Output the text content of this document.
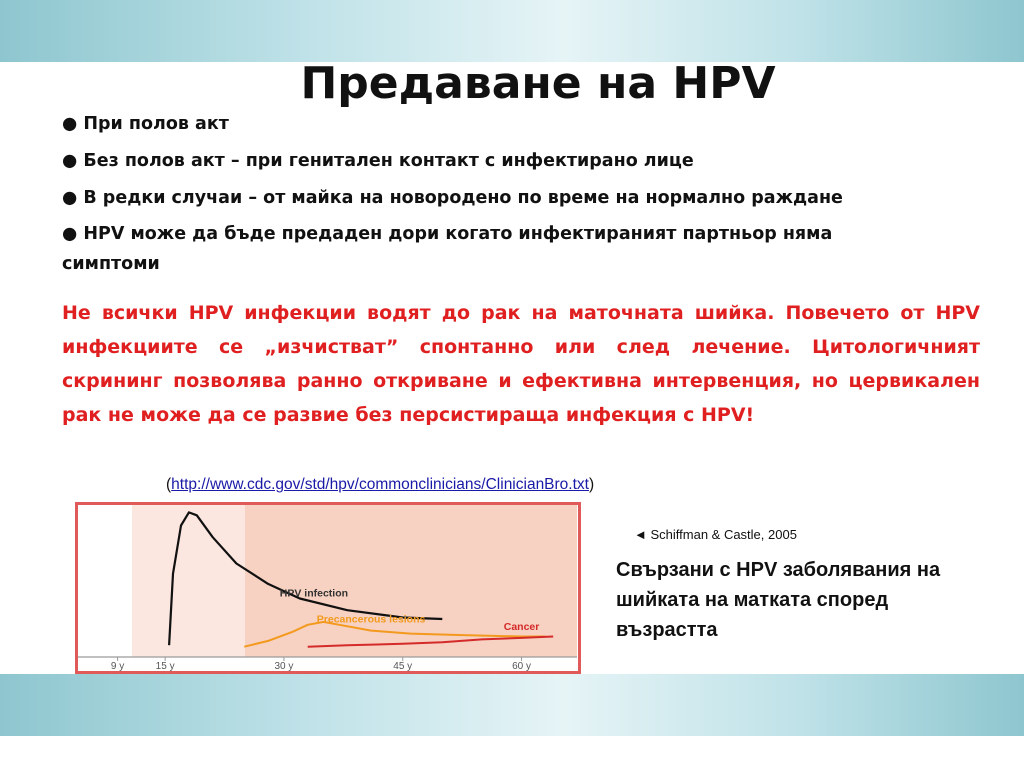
Предаване на HPV
● При полов акт
● Без полов акт – при генитален контакт с инфектирано лице
● В редки случаи – от майка на новородено по време на нормално раждане
● HPV може да бъде предаден дори когато инфектираният партньор няма симптоми

Не всички HPV инфекции водят до рак на маточната шийка. Повечето от HPV инфекциите се „изчистват” спонтанно или след лечение. Цитологичният скрининг позволява ранно откриване и ефективна интервенция, но цервикален рак не може да се развие без персистираща инфекция с HPV!

(http://www.cdc.gov/std/hpv/commonclinicians/ClinicianBro.txt)
9 y	15 y	30 y	45 y	60 y
HPV infection
Precancerous lesions
Cancer
◄ Schiffman & Castle, 2005
Свързани с HPV заболявания на шийката на матката според възрастта
